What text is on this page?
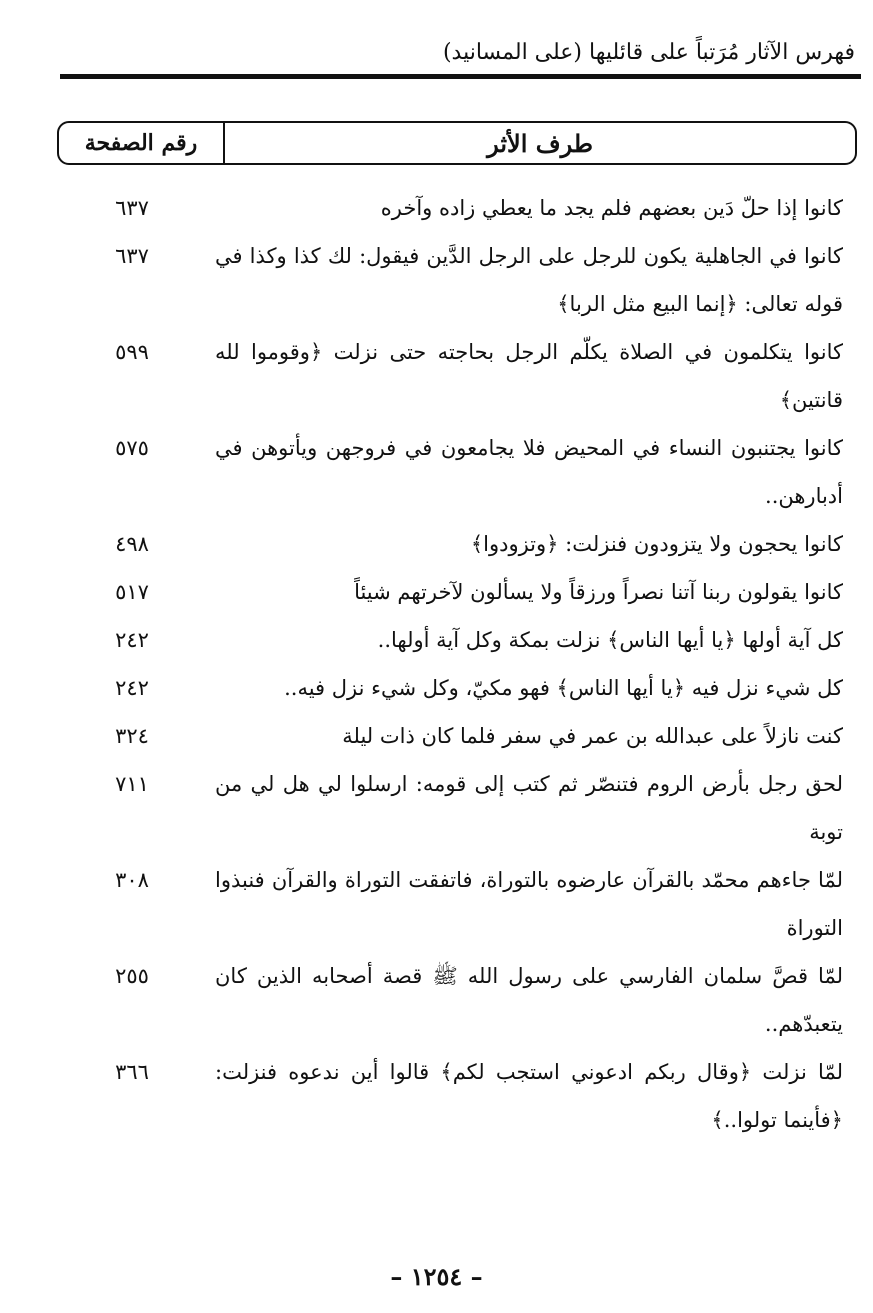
فهرس الآثار مُرَتباً على قائليها (على المسانيد)
طرف الأثر
رقم الصفحة
كانوا إذا حلّ دَين بعضهم فلم يجد ما يعطي زاده وآخره
٦٣٧
كانوا في الجاهلية يكون للرجل على الرجل الدَّين فيقول: لك كذا وكذا في قوله تعالى: ﴿إنما البيع مثل الربا﴾
٦٣٧
كانوا يتكلمون في الصلاة يكلّم الرجل بحاجته حتى نزلت ﴿وقوموا لله قانتين﴾
٥٩٩
كانوا يجتنبون النساء في المحيض فلا يجامعون في فروجهن ويأتوهن في أدبارهن..
٥٧٥
كانوا يحجون ولا يتزودون فنزلت: ﴿وتزودوا﴾
٤٩٨
كانوا يقولون ربنا آتنا نصراً ورزقاً ولا يسألون لآخرتهم شيئاً
٥١٧
كل آية أولها ﴿يا أيها الناس﴾ نزلت بمكة وكل آية أولها..
٢٤٢
كل شيء نزل فيه ﴿يا أيها الناس﴾ فهو مكيّ، وكل شيء نزل فيه..
٢٤٢
كنت نازلاً على عبدالله بن عمر في سفر فلما كان ذات ليلة
٣٢٤
لحق رجل بأرض الروم فتنصّر ثم كتب إلى قومه: ارسلوا لي هل لي من توبة
٧١١
لمّا جاءهم محمّد بالقرآن عارضوه بالتوراة، فاتفقت التوراة والقرآن فنبذوا التوراة
٣٠٨
لمّا قصَّ سلمان الفارسي على رسول الله ﷺ قصة أصحابه الذين كان يتعبدّهم..
٢٥٥
لمّا نزلت ﴿وقال ربكم ادعوني استجب لكم﴾ قالوا أين ندعوه فنزلت: ﴿فأينما تولوا..﴾
٣٦٦
– ١٢٥٤ –
